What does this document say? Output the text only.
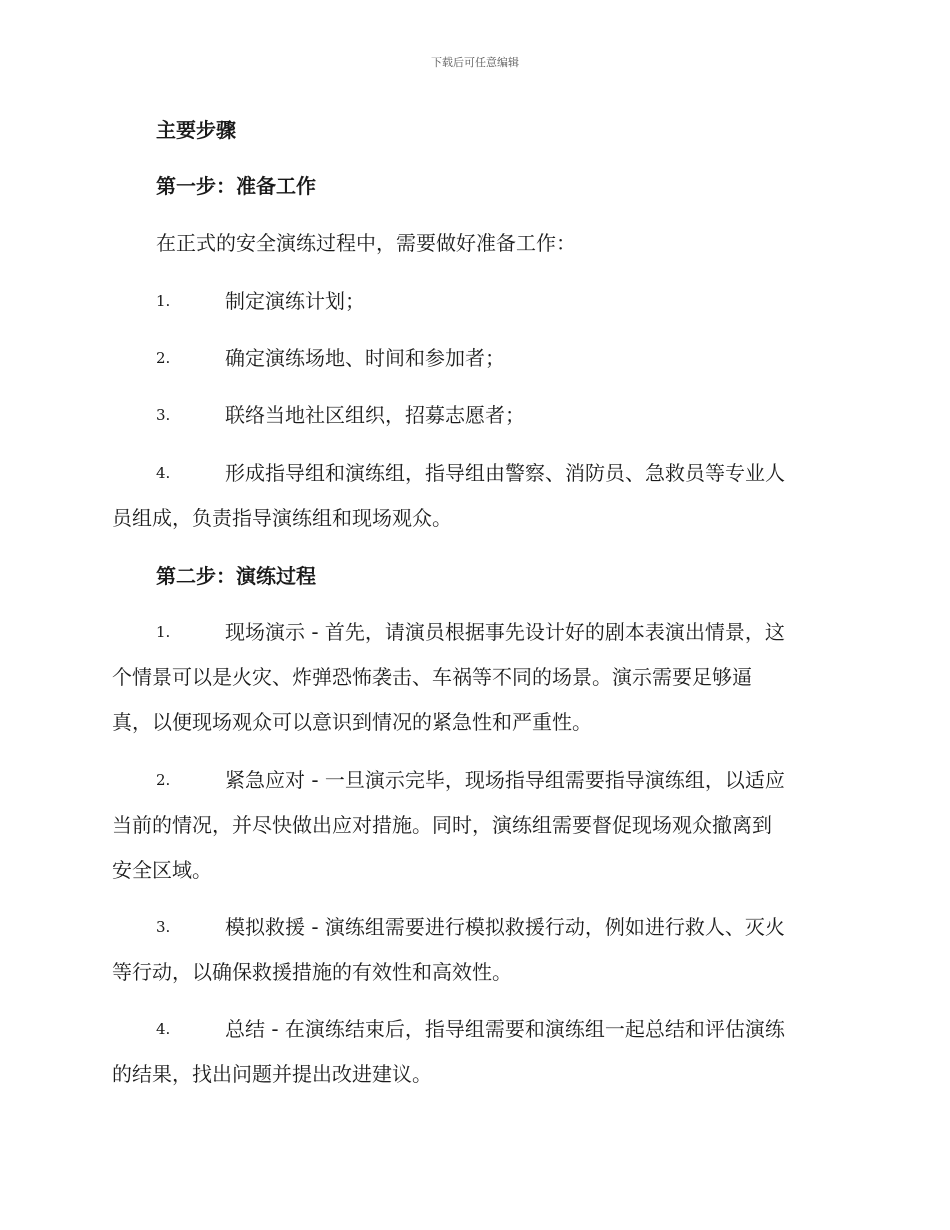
下载后可任意编辑
主要步骤
第一步：准备工作
在正式的安全演练过程中，需要做好准备工作：
1.	制定演练计划；
2.	确定演练场地、时间和参加者；
3.	联络当地社区组织，招募志愿者；
4.	形成指导组和演练组，指导组由警察、消防员、急救员等专业人
员组成，负责指导演练组和现场观众。
第二步：演练过程
1.	现场演示 - 首先，请演员根据事先设计好的剧本表演出情景，这
个情景可以是火灾、炸弹恐怖袭击、车祸等不同的场景。演示需要足够逼
真，以便现场观众可以意识到情况的紧急性和严重性。
2.	紧急应对 - 一旦演示完毕，现场指导组需要指导演练组，以适应
当前的情况，并尽快做出应对措施。同时，演练组需要督促现场观众撤离到
安全区域。
3.	模拟救援 - 演练组需要进行模拟救援行动，例如进行救人、灭火
等行动，以确保救援措施的有效性和高效性。
4.	总结 - 在演练结束后，指导组需要和演练组一起总结和评估演练
的结果，找出问题并提出改进建议。
